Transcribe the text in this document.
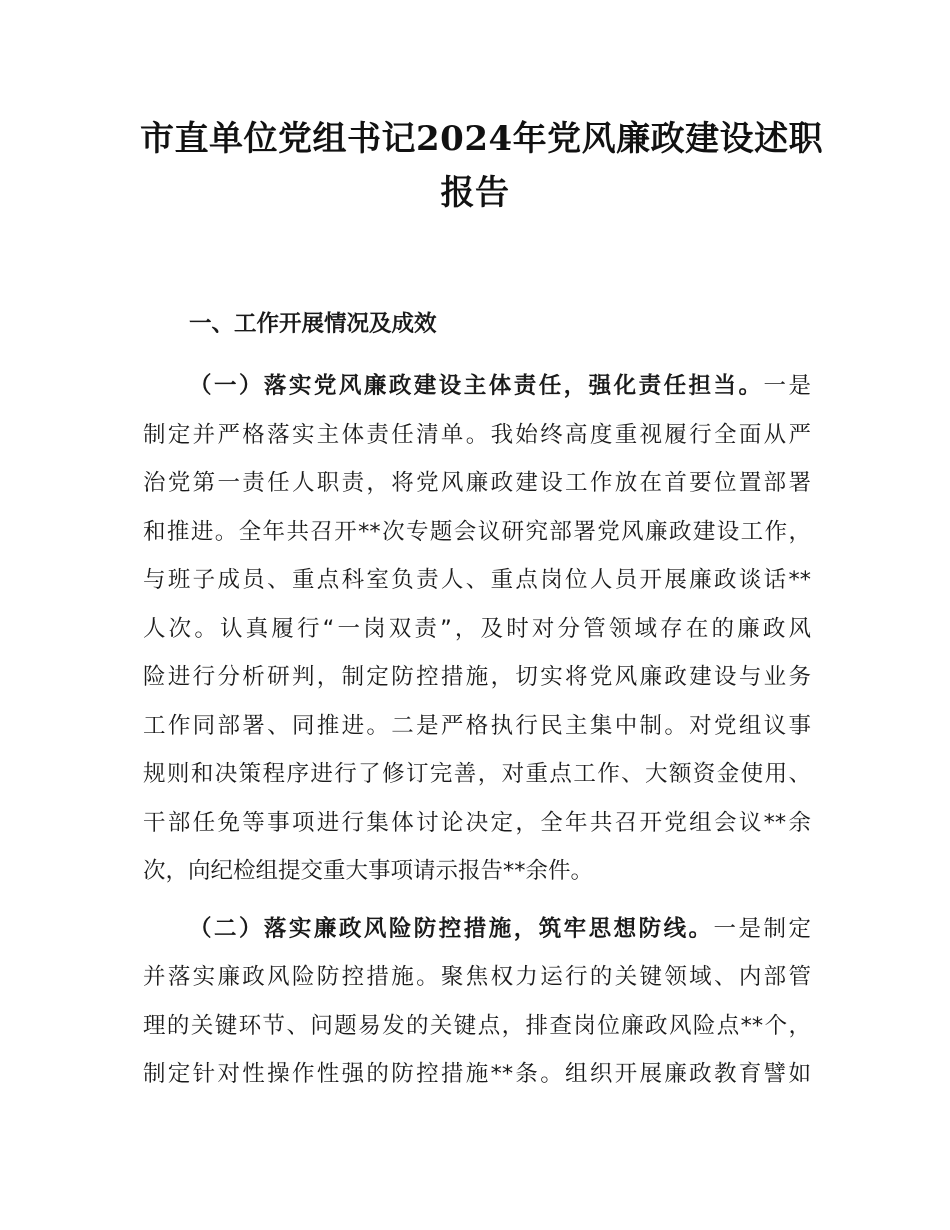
市直单位党组书记2024年党风廉政建设述职
报告
一、工作开展情况及成效
（一）落实党风廉政建设主体责任，强化责任担当。一是
制定并严格落实主体责任清单。我始终高度重视履行全面从严
治党第一责任人职责，将党风廉政建设工作放在首要位置部署
和推进。全年共召开**次专题会议研究部署党风廉政建设工作，
与班子成员、重点科室负责人、重点岗位人员开展廉政谈话**
人次。认真履行“一岗双责”，及时对分管领域存在的廉政风
险进行分析研判，制定防控措施，切实将党风廉政建设与业务
工作同部署、同推进。二是严格执行民主集中制。对党组议事
规则和决策程序进行了修订完善，对重点工作、大额资金使用、
干部任免等事项进行集体讨论决定，全年共召开党组会议**余
次，向纪检组提交重大事项请示报告**余件。
（二）落实廉政风险防控措施，筑牢思想防线。一是制定
并落实廉政风险防控措施。聚焦权力运行的关键领域、内部管
理的关键环节、问题易发的关键点，排查岗位廉政风险点**个，
制定针对性操作性强的防控措施**条。组织开展廉政教育譬如
